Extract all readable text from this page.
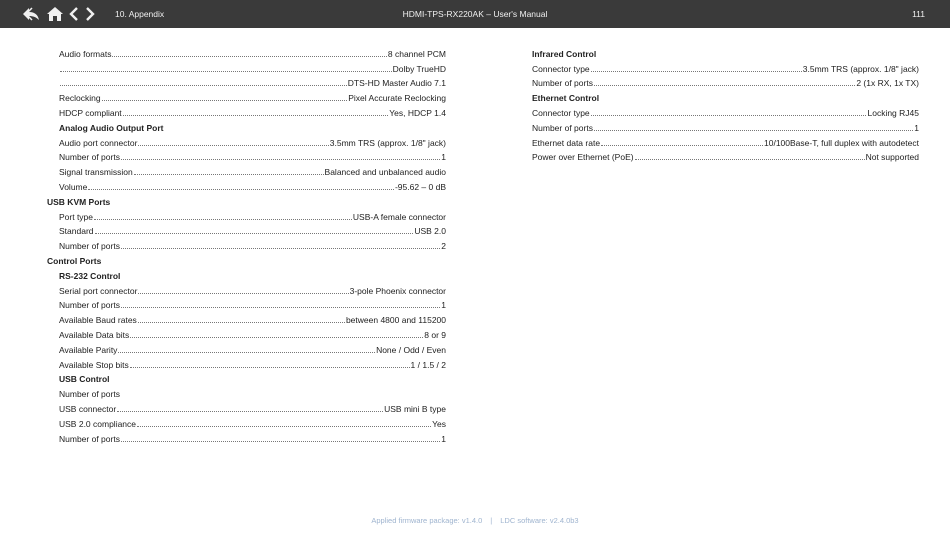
10. Appendix	HDMI-TPS-RX220AK – User's Manual	111
Audio formats	8 channel PCM
Dolby TrueHD
DTS-HD Master Audio 7.1
Reclocking	Pixel Accurate Reclocking
HDCP compliant	Yes, HDCP 1.4
Analog Audio Output Port
Audio port connector	3.5mm TRS (approx. 1/8" jack)
Number of ports	1
Signal transmission	Balanced and unbalanced audio
Volume	-95.62 – 0 dB
USB KVM Ports
Port type	USB-A female connector
Standard	USB 2.0
Number of ports	2
Control Ports
RS-232 Control
Serial port connector	3-pole Phoenix connector
Number of ports	1
Available Baud rates	between 4800 and 115200
Available Data bits	8 or 9
Available Parity	None / Odd / Even
Available Stop bits	1 / 1.5 / 2
USB Control
Number of ports
USB connector	USB mini B type
USB 2.0 compliance	Yes
Number of ports	1
Infrared Control
Connector type	3.5mm TRS (approx. 1/8" jack)
Number of ports	2 (1x RX, 1x TX)
Ethernet Control
Connector type	Locking RJ45
Number of ports	1
Ethernet data rate	10/100Base-T, full duplex with autodetect
Power over Ethernet (PoE)	Not supported
Applied firmware package: v1.4.0 | LDC software: v2.4.0b3
